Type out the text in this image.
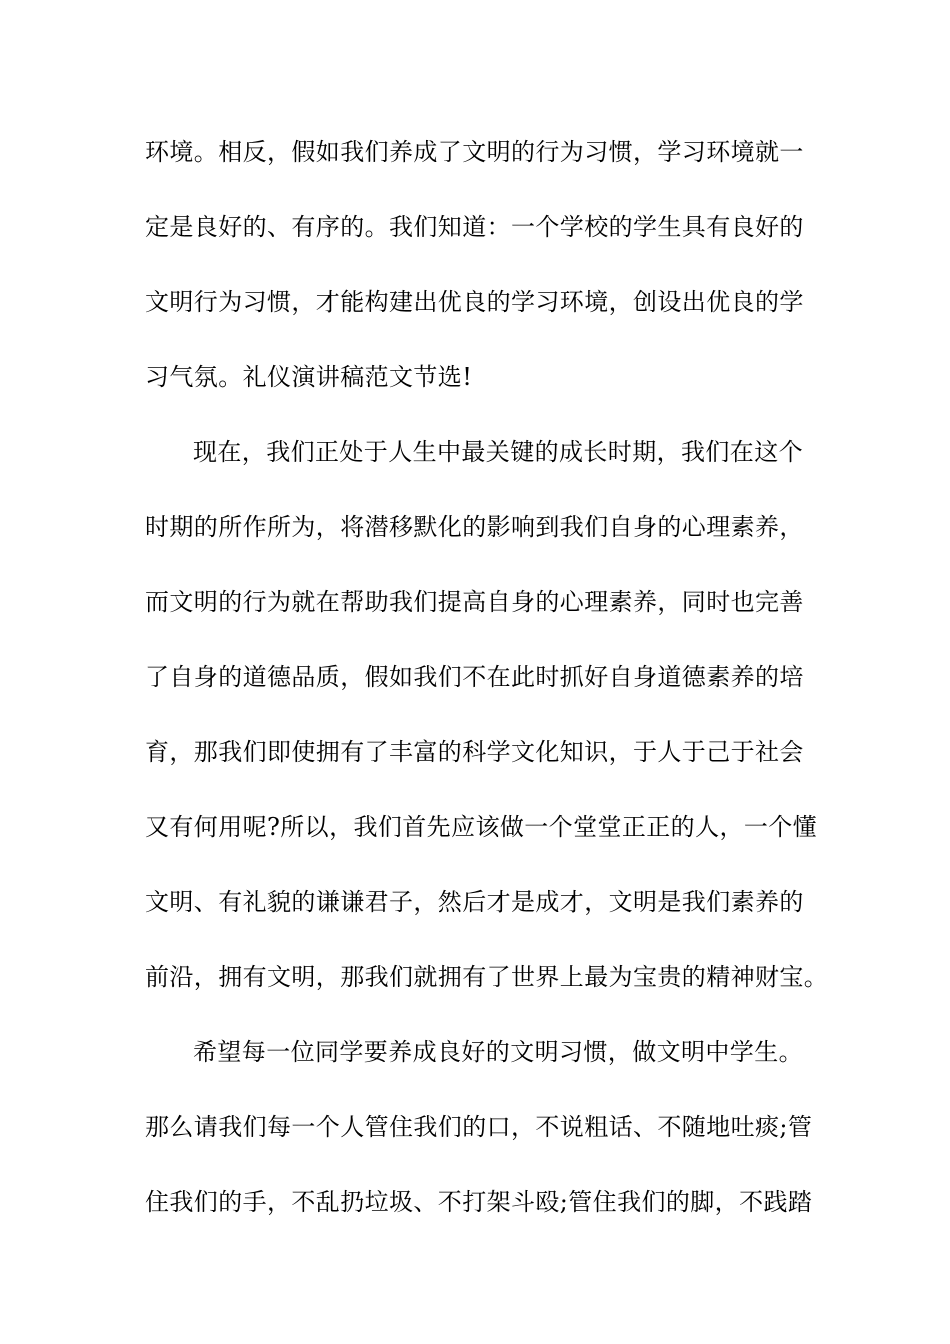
环境。相反，假如我们养成了文明的行为习惯，学习环境就一
定是良好的、有序的。我们知道：一个学校的学生具有良好的
文明行为习惯，才能构建出优良的学习环境，创设出优良的学
习气氛。礼仪演讲稿范文节选!
现在，我们正处于人生中最关键的成长时期，我们在这个
时期的所作所为，将潜移默化的影响到我们自身的心理素养，
而文明的行为就在帮助我们提高自身的心理素养，同时也完善
了自身的道德品质，假如我们不在此时抓好自身道德素养的培
育，那我们即使拥有了丰富的科学文化知识，于人于己于社会
又有何用呢?所以，我们首先应该做一个堂堂正正的人，一个懂
文明、有礼貌的谦谦君子，然后才是成才，文明是我们素养的
前沿，拥有文明，那我们就拥有了世界上最为宝贵的精神财宝。
希望每一位同学要养成良好的文明习惯，做文明中学生。
那么请我们每一个人管住我们的口，不说粗话、不随地吐痰;管
住我们的手，不乱扔垃圾、不打架斗殴;管住我们的脚，不践踏
